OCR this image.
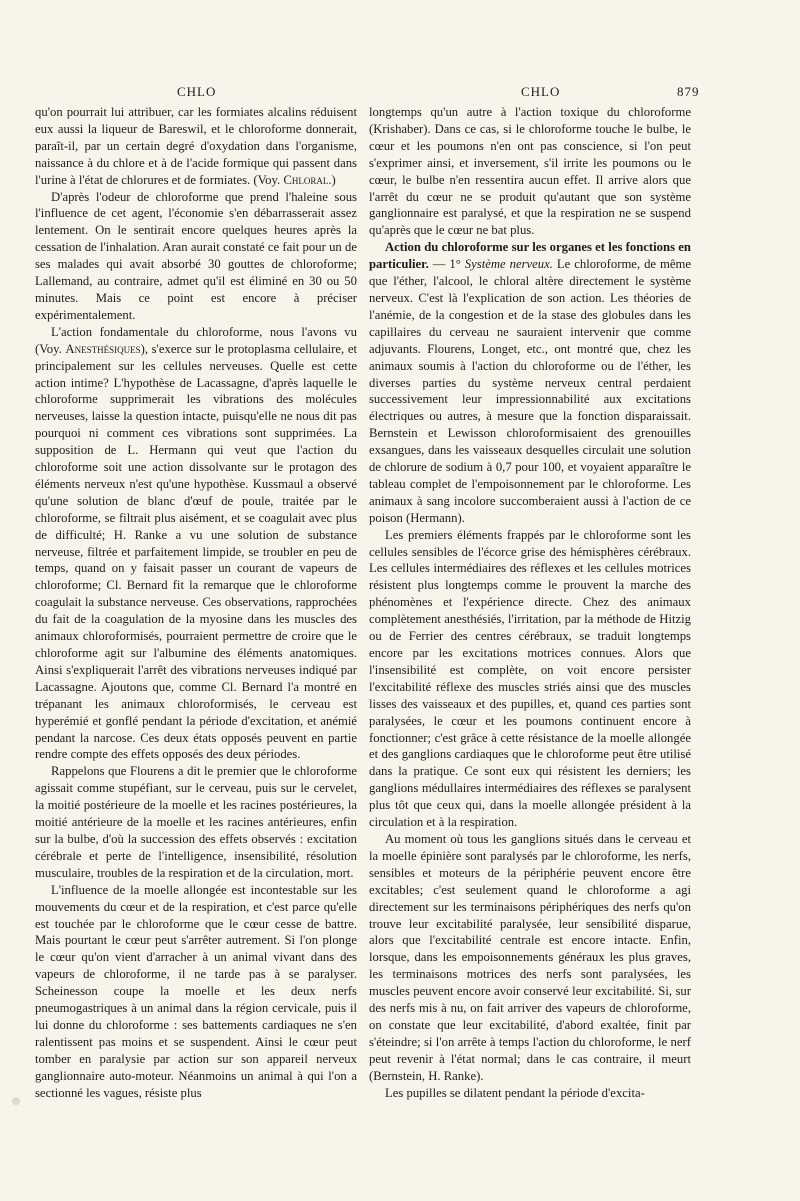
CHLO	CHLO	879

qu'on pourrait lui attribuer, car les formiates alcalins réduisent eux aussi la liqueur de Bareswil, et le chloroforme donnerait, paraît-il, par un certain degré d'oxydation dans l'organisme, naissance à du chlore et à de l'acide formique qui passent dans l'urine à l'état de chlorures et de formiates. (Voy. Chloral.)

D'après l'odeur de chloroforme que prend l'haleine sous l'influence de cet agent, l'économie s'en débarrasserait assez lentement. On le sentirait encore quelques heures après la cessation de l'inhalation. Aran aurait constaté ce fait pour un de ses malades qui avait absorbé 30 gouttes de chloroforme; Lallemand, au contraire, admet qu'il est éliminé en 30 ou 50 minutes. Mais ce point est encore à préciser expérimentalement.

L'action fondamentale du chloroforme, nous l'avons vu (Voy. Anesthésiques), s'exerce sur le protoplasma cellulaire, et principalement sur les cellules nerveuses. Quelle est cette action intime? L'hypothèse de Lacassagne, d'après laquelle le chloroforme supprimerait les vibrations des molécules nerveuses, laisse la question intacte, puisqu'elle ne nous dit pas pourquoi ni comment ces vibrations sont supprimées. La supposition de L. Hermann qui veut que l'action du chloroforme soit une action dissolvante sur le protagon des éléments nerveux n'est qu'une hypothèse. Kussmaul a observé qu'une solution de blanc d'œuf de poule, traitée par le chloroforme, se filtrait plus aisément, et se coagulait avec plus de difficulté; H. Ranke a vu une solution de substance nerveuse, filtrée et parfaitement limpide, se troubler en peu de temps, quand on y faisait passer un courant de vapeurs de chloroforme; Cl. Bernard fit la remarque que le chloroforme coagulait la substance nerveuse. Ces observations, rapprochées du fait de la coagulation de la myosine dans les muscles des animaux chloroformisés, pourraient permettre de croire que le chloroforme agit sur l'albumine des éléments anatomiques. Ainsi s'expliquerait l'arrêt des vibrations nerveuses indiqué par Lacassagne. Ajoutons que, comme Cl. Bernard l'a montré en trépanant les animaux chloroformisés, le cerveau est hyperémié et gonflé pendant la période d'excitation, et anémié pendant la narcose. Ces deux états opposés peuvent en partie rendre compte des effets opposés des deux périodes.

Rappelons que Flourens a dit le premier que le chloroforme agissait comme stupéfiant, sur le cerveau, puis sur le cervelet, la moitié postérieure de la moelle et les racines postérieures, la moitié antérieure de la moelle et les racines antérieures, enfin sur la bulbe, d'où la succession des effets observés : excitation cérébrale et perte de l'intelligence, insensibilité, résolution musculaire, troubles de la respiration et de la circulation, mort.

L'influence de la moelle allongée est incontestable sur les mouvements du cœur et de la respiration, et c'est parce qu'elle est touchée par le chloroforme que le cœur cesse de battre. Mais pourtant le cœur peut s'arrêter autrement. Si l'on plonge le cœur qu'on vient d'arracher à un animal vivant dans des vapeurs de chloroforme, il ne tarde pas à se paralyser. Scheinesson coupe la moelle et les deux nerfs pneumogastriques à un animal dans la région cervicale, puis il lui donne du chloroforme : ses battements cardiaques ne s'en ralentissent pas moins et se suspendent. Ainsi le cœur peut tomber en paralysie par action sur son appareil nerveux ganglionnaire auto-moteur. Néanmoins un animal à qui l'on a sectionné les vagues, résiste plus

longtemps qu'un autre à l'action toxique du chloroforme (Krishaber). Dans ce cas, si le chloroforme touche le bulbe, le cœur et les poumons n'en ont pas conscience, si l'on peut s'exprimer ainsi, et inversement, s'il irrite les poumons ou le cœur, le bulbe n'en ressentira aucun effet. Il arrive alors que l'arrêt du cœur ne se produit qu'autant que son système ganglionnaire est paralysé, et que la respiration ne se suspend qu'après que le cœur ne bat plus.

Action du chloroforme sur les organes et les fonctions en particulier. — 1° Système nerveux. Le chloroforme, de même que l'éther, l'alcool, le chloral altère directement le système nerveux. C'est là l'explication de son action. Les théories de l'anémie, de la congestion et de la stase des globules dans les capillaires du cerveau ne sauraient intervenir que comme adjuvants. Flourens, Longet, etc., ont montré que, chez les animaux soumis à l'action du chloroforme ou de l'éther, les diverses parties du système nerveux central perdaient successivement leur impressionnabilité aux excitations électriques ou autres, à mesure que la fonction disparaissait. Bernstein et Lewisson chloroformisaient des grenouilles exsangues, dans les vaisseaux desquelles circulait une solution de chlorure de sodium à 0,7 pour 100, et voyaient apparaître le tableau complet de l'empoisonnement par le chloroforme. Les animaux à sang incolore succomberaient aussi à l'action de ce poison (Hermann).

Les premiers éléments frappés par le chloroforme sont les cellules sensibles de l'écorce grise des hémisphères cérébraux. Les cellules intermédiaires des réflexes et les cellules motrices résistent plus longtemps comme le prouvent la marche des phénomènes et l'expérience directe. Chez des animaux complètement anesthésiés, l'irritation, par la méthode de Hitzig ou de Ferrier des centres cérébraux, se traduit longtemps encore par les excitations motrices connues. Alors que l'insensibilité est complète, on voit encore persister l'excitabilité réflexe des muscles striés ainsi que des muscles lisses des vaisseaux et des pupilles, et, quand ces parties sont paralysées, le cœur et les poumons continuent encore à fonctionner; c'est grâce à cette résistance de la moelle allongée et des ganglions cardiaques que le chloroforme peut être utilisé dans la pratique. Ce sont eux qui résistent les derniers; les ganglions médullaires intermédiaires des réflexes se paralysent plus tôt que ceux qui, dans la moelle allongée président à la circulation et à la respiration.

Au moment où tous les ganglions situés dans le cerveau et la moelle épinière sont paralysés par le chloroforme, les nerfs, sensibles et moteurs de la périphérie peuvent encore être excitables; c'est seulement quand le chloroforme a agi directement sur les terminaisons périphériques des nerfs qu'on trouve leur excitabilité paralysée, leur sensibilité disparue, alors que l'excitabilité centrale est encore intacte. Enfin, lorsque, dans les empoisonnements généraux les plus graves, les terminaisons motrices des nerfs sont paralysées, les muscles peuvent encore avoir conservé leur excitabilité. Si, sur des nerfs mis à nu, on fait arriver des vapeurs de chloroforme, on constate que leur excitabilité, d'abord exaltée, finit par s'éteindre; si l'on arrête à temps l'action du chloroforme, le nerf peut revenir à l'état normal; dans le cas contraire, il meurt (Bernstein, H. Ranke).

Les pupilles se dilatent pendant la période d'excita-
